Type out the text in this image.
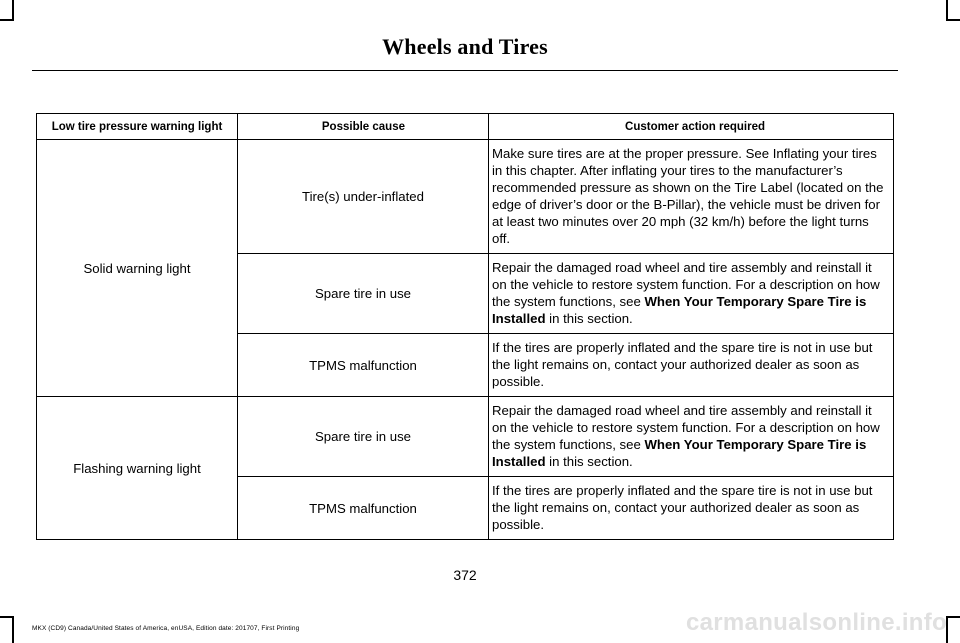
Wheels and Tires
Low tire pressure warning light	Possible cause	Customer action required
Solid warning light	Tire(s) under-inflated	Make sure tires are at the proper pressure. See Inflating your tires in this chapter. After inflating your tires to the manufacturer’s recommended pressure as shown on the Tire Label (located on the edge of driver’s door or the B-Pillar), the vehicle must be driven for at least two minutes over 20 mph (32 km/h) before the light turns off.
	Spare tire in use	Repair the damaged road wheel and tire assembly and reinstall it on the vehicle to restore system function. For a description on how the system functions, see When Your Temporary Spare Tire is Installed in this section.
	TPMS malfunction	If the tires are properly inflated and the spare tire is not in use but the light remains on, contact your authorized dealer as soon as possible.
Flashing warning light	Spare tire in use	Repair the damaged road wheel and tire assembly and reinstall it on the vehicle to restore system function. For a description on how the system functions, see When Your Temporary Spare Tire is Installed in this section.
	TPMS malfunction	If the tires are properly inflated and the spare tire is not in use but the light remains on, contact your authorized dealer as soon as possible.
372
MKX (CD9) Canada/United States of America, enUSA, Edition date: 201707, First Printing	carmanualsonline.info
